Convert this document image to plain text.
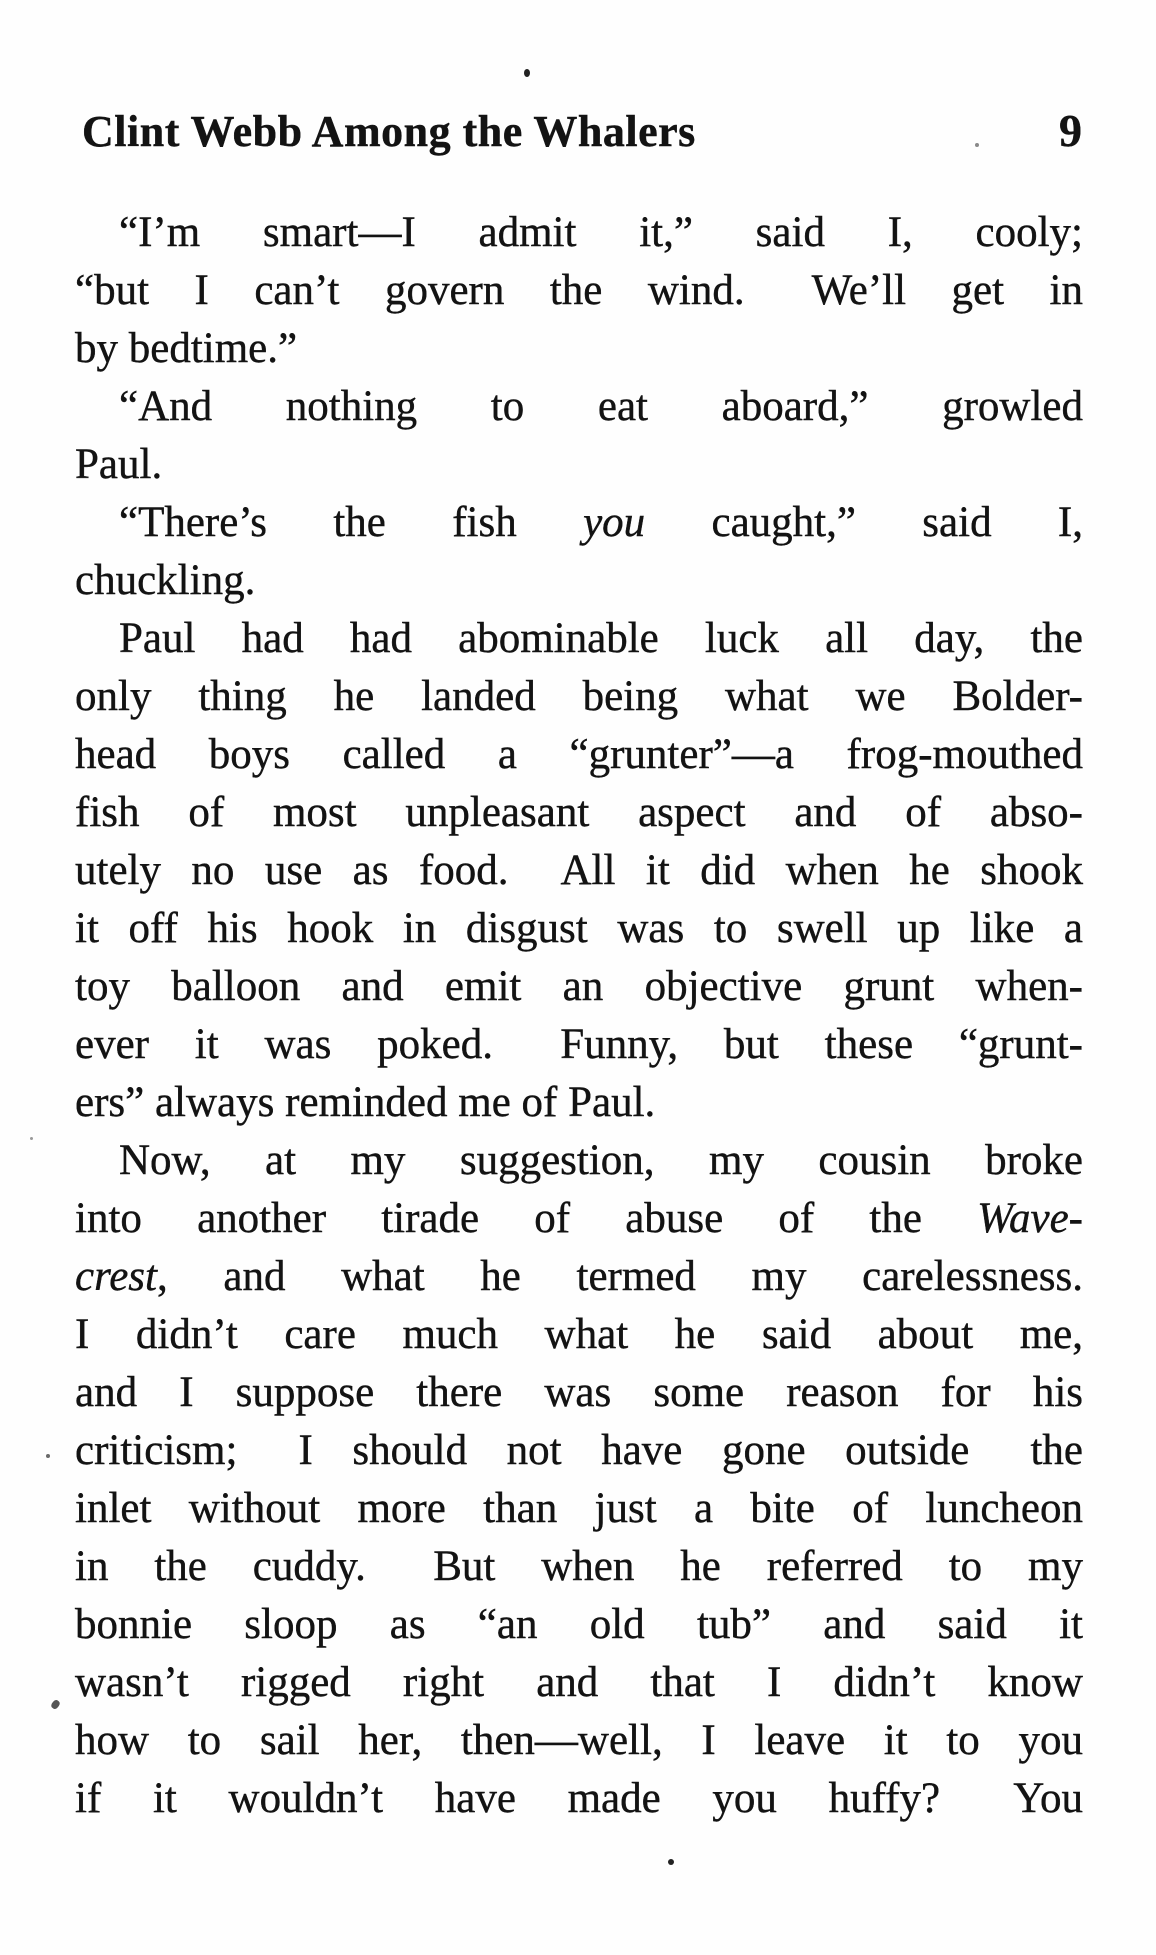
Clint Webb Among the Whalers	9
“I’m smart—I admit it,” said I, cooly;
“but I can’t govern the wind.  We’ll get in
by bedtime.”
“And nothing to eat aboard,” growled
Paul.
“There’s the fish you caught,” said I,
chuckling.
Paul had had abominable luck all day, the
only thing he landed being what we Bolder-
head boys called a “grunter”—a frog-mouthed
fish of most unpleasant aspect and of abso-
utely no use as food.  All it did when he shook
it off his hook in disgust was to swell up like a
toy balloon and emit an objective grunt when-
ever it was poked.  Funny, but these “grunt-
ers” always reminded me of Paul.
Now, at my suggestion, my cousin broke
into another tirade of abuse of the Wave-
crest, and what he termed my carelessness.
I didn’t care much what he said about me,
and I suppose there was some reason for his
criticism;  I should not have gone outside  the
inlet without more than just a bite of luncheon
in the cuddy.  But when he referred to my
bonnie sloop as “an old tub” and said it
wasn’t rigged right and that I didn’t know
how to sail her, then—well, I leave it to you
if it wouldn’t have made you huffy?  You
